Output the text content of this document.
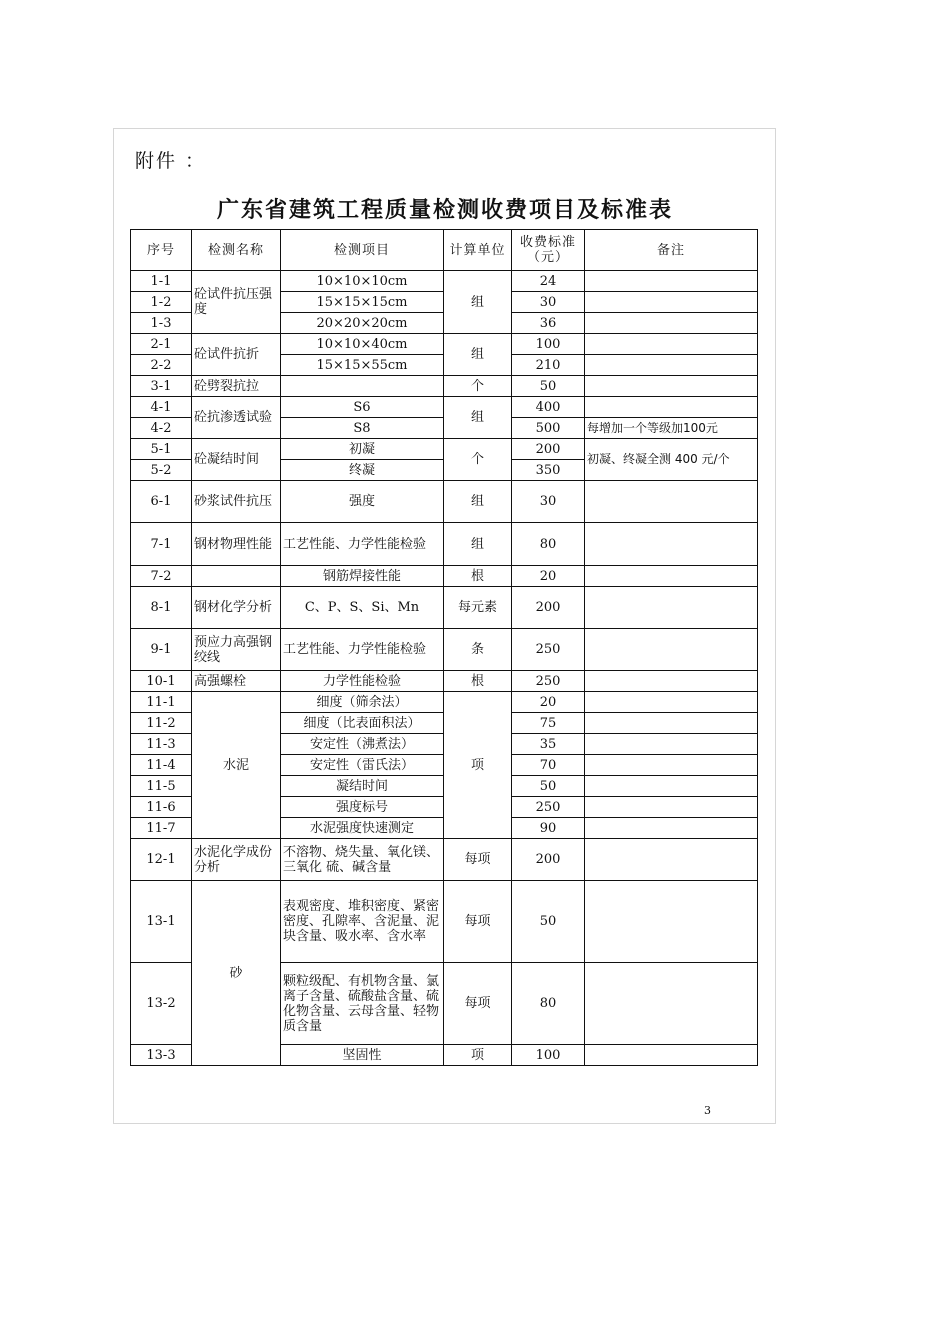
附件 ：
广东省建筑工程质量检测收费项目及标准表
序号	检测名称	检测项目	计算单位	收费标准（元）	备注
1-1	砼试件抗压强度	10×10×10cm	组	24	
1-2		15×15×15cm		30	
1-3		20×20×20cm		36	
2-1	砼试件抗折	10×10×40cm	组	100	
2-2		15×15×55cm		210	
3-1	砼劈裂抗拉		个	50	
4-1	砼抗渗透试验	S6	组	400	
4-2		S8		500	每增加一个等级加100元
5-1	砼凝结时间	初凝	个	200	初凝、终凝全测 400 元/个
5-2		终凝		350	
6-1	砂浆试件抗压	强度	组	30	
7-1	钢材物理性能	工艺性能、力学性能检验	组	80	
7-2		钢筋焊接性能	根	20	
8-1	钢材化学分析	C、P、S、Si、Mn	每元素	200	
9-1	预应力高强钢绞线	工艺性能、力学性能检验	条	250	
10-1	高强螺栓	力学性能检验	根	250	
11-1	水泥	细度（筛余法）	项	20	
11-2		细度（比表面积法）		75	
11-3		安定性（沸煮法）		35	
11-4		安定性（雷氏法）		70	
11-5		凝结时间		50	
11-6		强度标号		250	
11-7		水泥强度快速测定		90	
12-1	水泥化学成份分析	不溶物、烧失量、氧化镁、三氧化 硫、碱含量	每项	200	
13-1	砂	表观密度、堆积密度、紧密密度、孔隙率、含泥量、泥块含量、吸水率、含水率	每项	50	
13-2		颗粒级配、有机物含量、氯离子含量、硫酸盐含量、硫化物含量、云母含量、轻物质含量	每项	80	
13-3		坚固性	项	100	
3
